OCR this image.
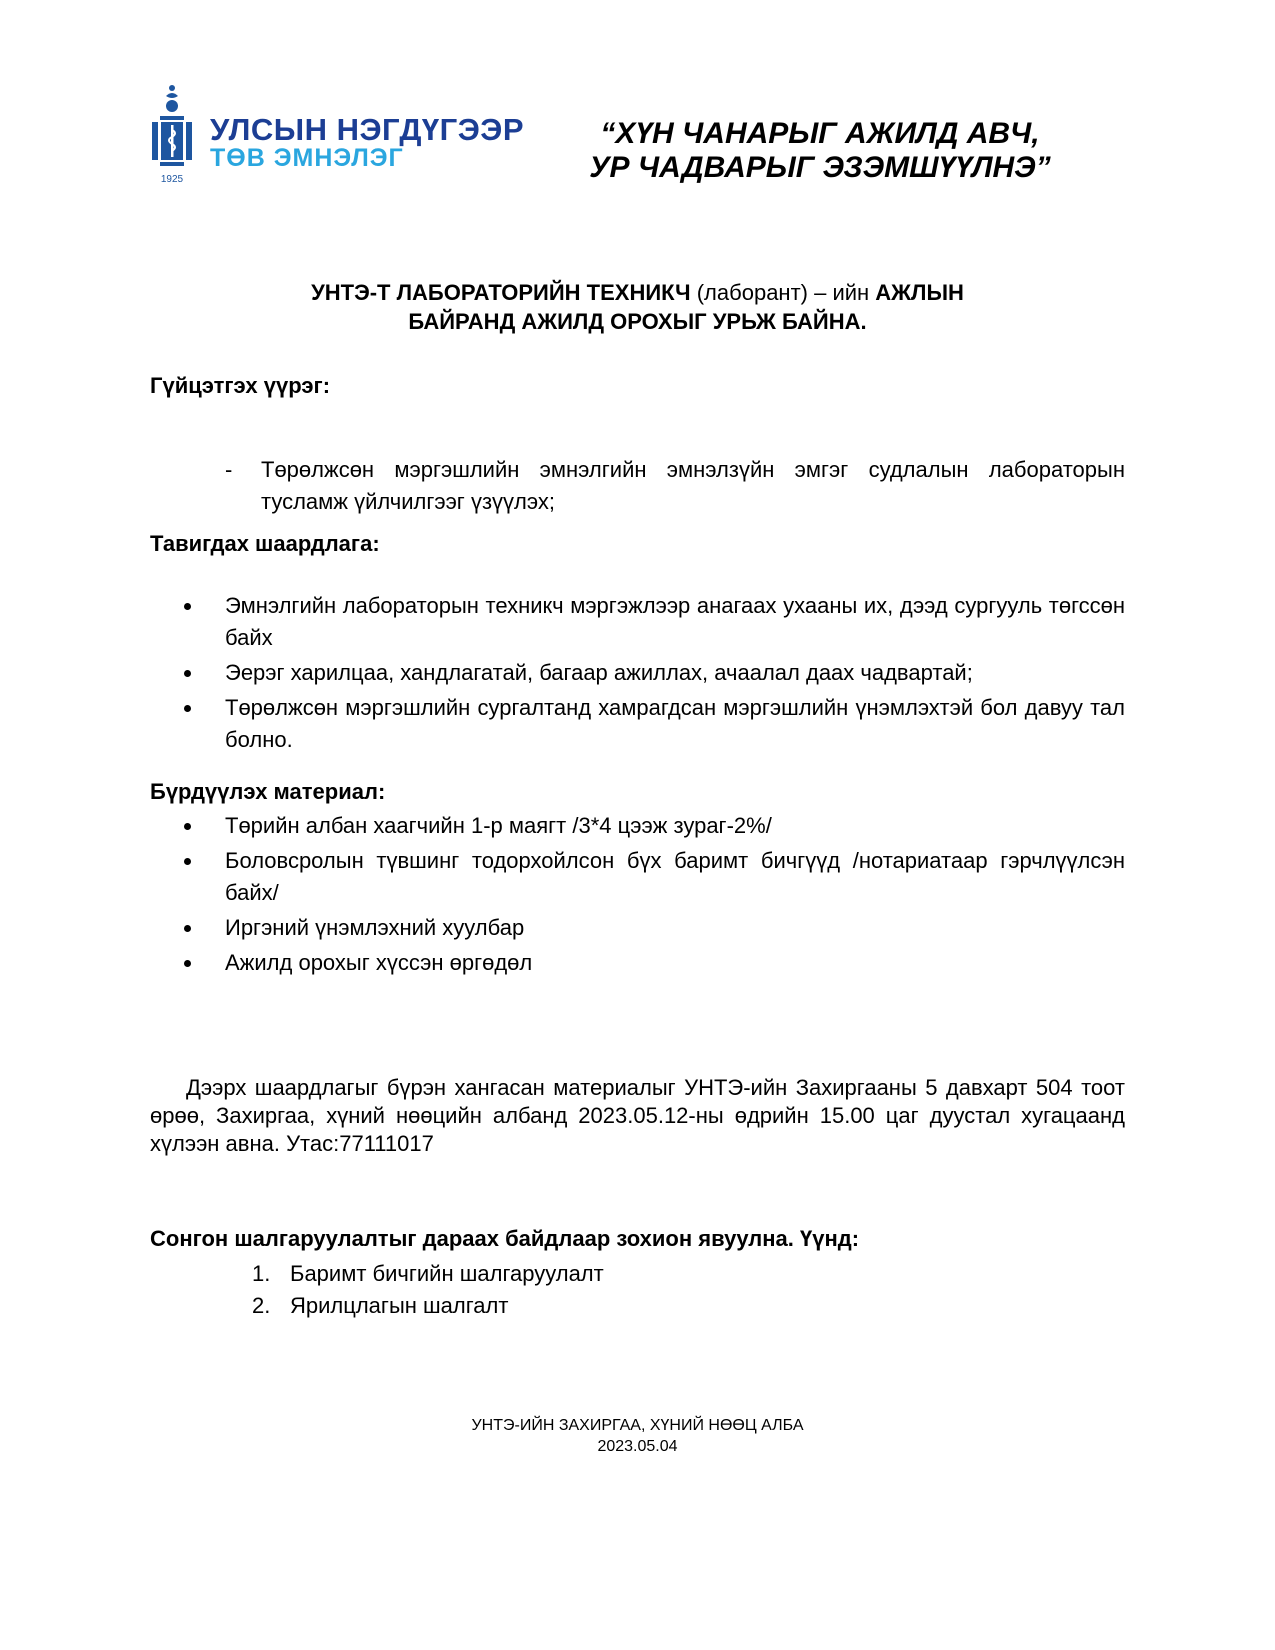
1925
УЛСЫН НЭГДҮГЭЭР
ТӨВ ЭМНЭЛЭГ
“ХҮН ЧАНАРЫГ АЖИЛД АВЧ,
УР ЧАДВАРЫГ ЭЗЭМШҮҮЛНЭ”
УНТЭ-Т ЛАБОРАТОРИЙН ТЕХНИКЧ (лаборант) – ийн АЖЛЫН
БАЙРАНД АЖИЛД ОРОХЫГ УРЬЖ БАЙНА.
Гүйцэтгэх үүрэг:
- Төрөлжсөн мэргэшлийн эмнэлгийн эмнэлзүйн эмгэг судлалын лабораторын тусламж үйлчилгээг үзүүлэх;
Тавигдах шаардлага:
Эмнэлгийн лабораторын техникч мэргэжлээр анагаах ухааны их, дээд сургууль төгссөн байх
Эерэг харилцаа, хандлагатай, багаар ажиллах, ачаалал даах чадвартай;
Төрөлжсөн мэргэшлийн сургалтанд хамрагдсан мэргэшлийн үнэмлэхтэй бол давуу тал болно.
Бүрдүүлэх материал:
Төрийн албан хаагчийн 1-р маягт /3*4 цээж зураг-2%/
Боловсролын түвшинг тодорхойлсон бүх баримт бичгүүд /нотариатаар гэрчлүүлсэн байх/
Иргэний үнэмлэхний хуулбар
Ажилд орохыг хүссэн өргөдөл
Дээрх шаардлагыг бүрэн хангасан материалыг УНТЭ-ийн Захиргааны 5 давхарт 504 тоот өрөө, Захиргаа, хүний нөөцийн албанд 2023.05.12-ны өдрийн 15.00 цаг дуустал хугацаанд хүлээн авна. Утас:77111017
Сонгон шалгаруулалтыг дараах байдлаар зохион явуулна. Үүнд:
1. Баримт бичгийн шалгаруулалт
2. Ярилцлагын шалгалт
УНТЭ-ИЙН ЗАХИРГАА, ХҮНИЙ НӨӨЦ АЛБА
2023.05.04
